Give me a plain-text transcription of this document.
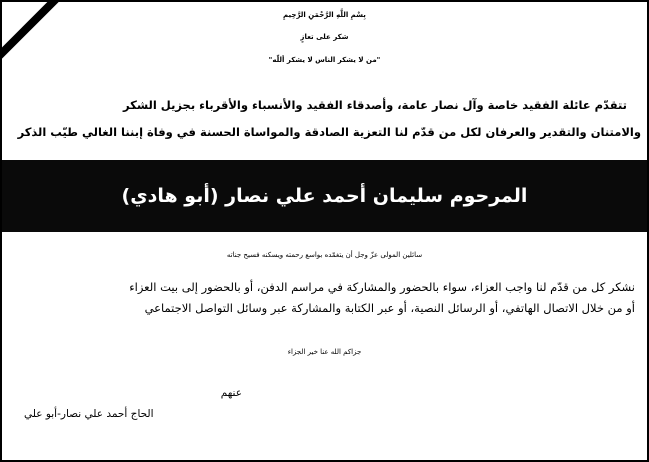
بِسْمِ اللَّهِ الرَّحْمَنِ الرَّحِيمِ
شكر على تعازٍ
"من لا يشكر الناس لا يشكر أللّه"
تتقدّم عائلة الفقيد خاصة وآل نصار عامة، وأصدقاء الفقيد والأنسباء والأقرباء بجزيل الشكر
والامتنان والتقدير والعرفان لكل من قدّم لنا التعزية الصادقة والمواساة الحسنة في وفاة إبننا الغالي طيّب الذكر
المرحوم سليمان أحمد علي نصار (أبو هادي)
سائلين المولى عزّ وجل أن يتغمّده بواسع رحمته ويسكنه فسيح جناته
نشكر كل من قدّم لنا واجب العزاء، سواء بالحضور والمشاركة في مراسم الدفن، أو بالحضور إلى بيت العزاء
أو من خلال الاتصال الهاتفي، أو الرسائل النصية، أو عبر الكتابة والمشاركة عبر وسائل التواصل الاجتماعي
جزاكم الله عنا خير الجزاء
عنهم
الحاج أحمد علي نصار-أبو علي
